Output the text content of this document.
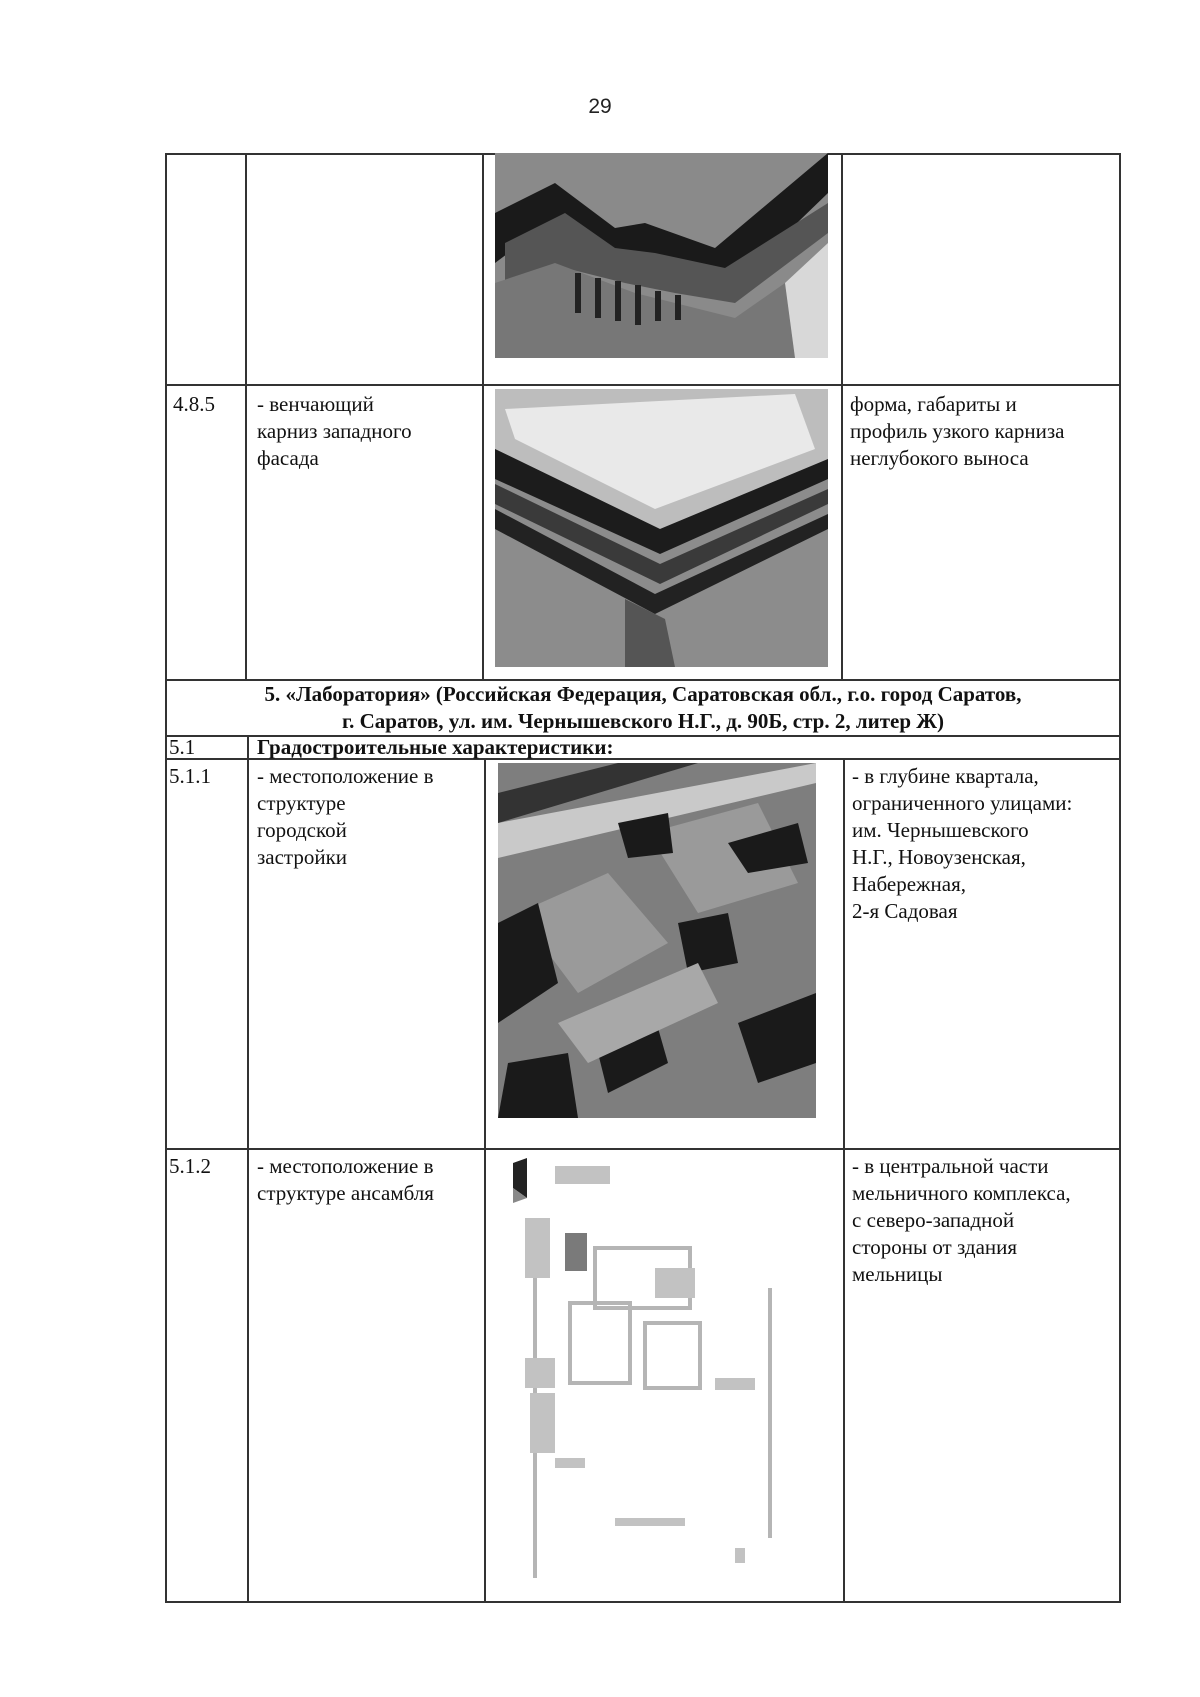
29
4.8.5 - венчающий
карниз западного
фасада
форма, габариты и
профиль узкого карниза
неглубокого выноса
5. «Лаборатория» (Российская Федерация, Саратовская обл., г.о. город Саратов,
г. Саратов, ул. им. Чернышевского Н.Г., д. 90Б, стр. 2, литер Ж)
5.1	Градостроительные характеристики:
5.1.1 - местоположение в
структуре
городской
застройки
- в глубине квартала,
ограниченного улицами:
им. Чернышевского
Н.Г., Новоузенская,
Набережная,
2-я Садовая
5.1.2 - местоположение в
структуре ансамбля
- в центральной части
мельничного комплекса,
с северо-западной
стороны от здания
мельницы
